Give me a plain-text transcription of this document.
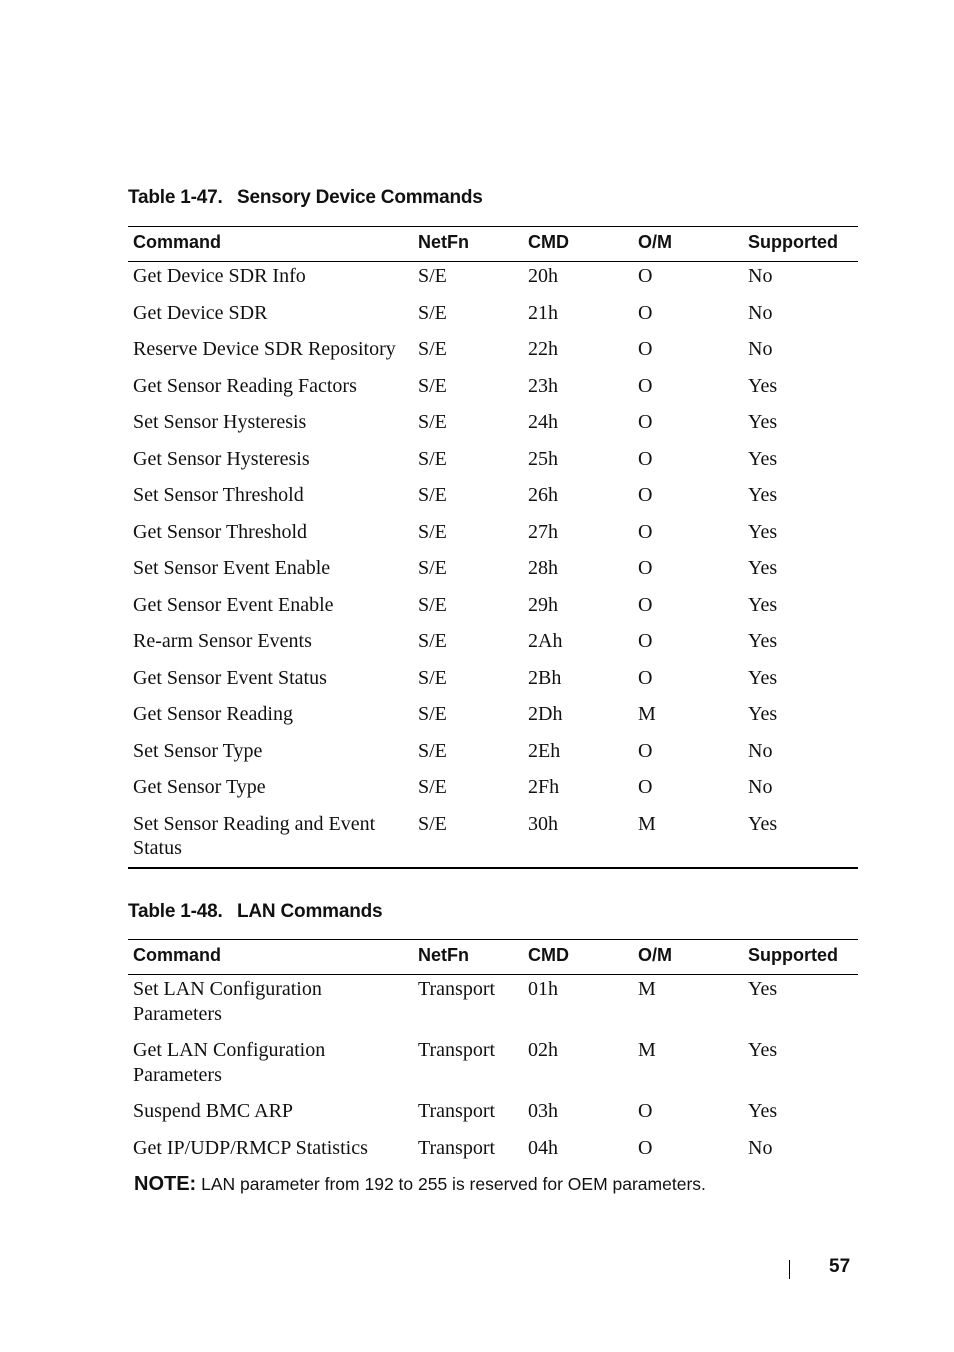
Table 1-47. Sensory Device Commands
Command	NetFn	CMD	O/M	Supported
Get Device SDR Info	S/E	20h	O	No
Get Device SDR	S/E	21h	O	No
Reserve Device SDR Repository	S/E	22h	O	No
Get Sensor Reading Factors	S/E	23h	O	Yes
Set Sensor Hysteresis	S/E	24h	O	Yes
Get Sensor Hysteresis	S/E	25h	O	Yes
Set Sensor Threshold	S/E	26h	O	Yes
Get Sensor Threshold	S/E	27h	O	Yes
Set Sensor Event Enable	S/E	28h	O	Yes
Get Sensor Event Enable	S/E	29h	O	Yes
Re-arm Sensor Events	S/E	2Ah	O	Yes
Get Sensor Event Status	S/E	2Bh	O	Yes
Get Sensor Reading	S/E	2Dh	M	Yes
Set Sensor Type	S/E	2Eh	O	No
Get Sensor Type	S/E	2Fh	O	No
Set Sensor Reading and Event Status	S/E	30h	M	Yes
Table 1-48. LAN Commands
Command	NetFn	CMD	O/M	Supported
Set LAN Configuration Parameters	Transport	01h	M	Yes
Get LAN Configuration Parameters	Transport	02h	M	Yes
Suspend BMC ARP	Transport	03h	O	Yes
Get IP/UDP/RMCP Statistics	Transport	04h	O	No
NOTE: LAN parameter from 192 to 255 is reserved for OEM parameters.
57
